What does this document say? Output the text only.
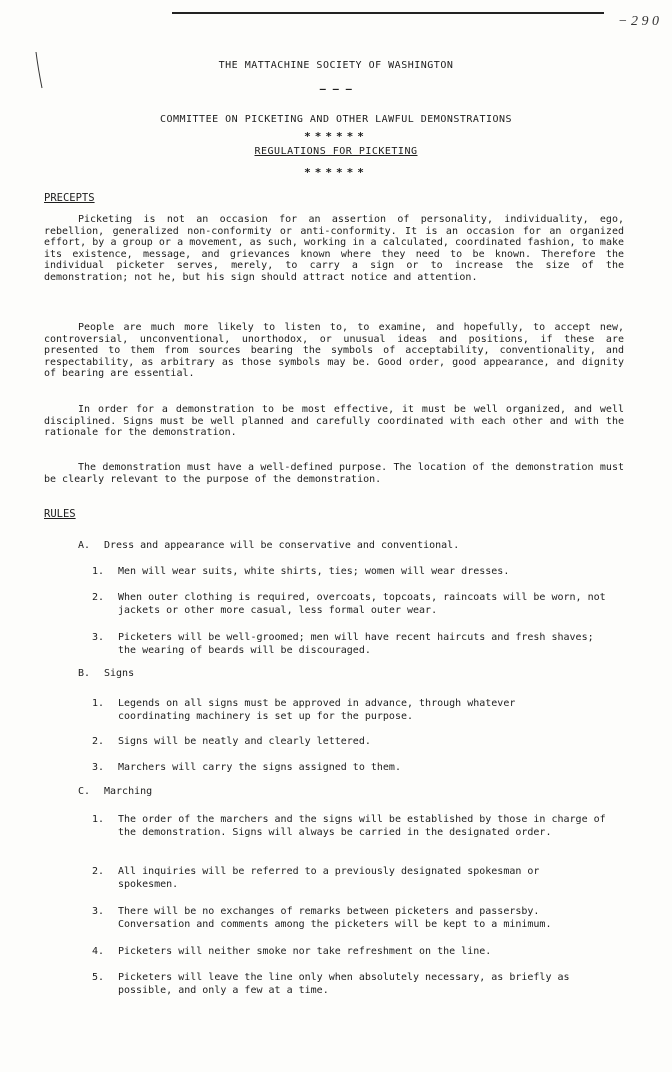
− 2 9 0
THE MATTACHINE SOCIETY OF WASHINGTON
— — —
COMMITTEE ON PICKETING AND OTHER LAWFUL DEMONSTRATIONS
******
REGULATIONS FOR PICKETING
******
PRECEPTS
Picketing is not an occasion for an assertion of personality, individuality, ego, rebellion, generalized non-conformity or anti-conformity. It is an occasion for an organized effort, by a group or a movement, as such, working in a calculated, coordinated fashion, to make its existence, message, and grievances known where they need to be known. Therefore the individual picketer serves, merely, to carry a sign or to increase the size of the demonstration; not he, but his sign should attract notice and attention.
People are much more likely to listen to, to examine, and hopefully, to accept new, controversial, unconventional, unorthodox, or unusual ideas and positions, if these are presented to them from sources bearing the symbols of acceptability, conventionality, and respectability, as arbitrary as those symbols may be. Good order, good appearance, and dignity of bearing are essential.
In order for a demonstration to be most effective, it must be well organized, and well disciplined. Signs must be well planned and carefully coordinated with each other and with the rationale for the demonstration.
The demonstration must have a well-defined purpose. The location of the demonstration must be clearly relevant to the purpose of the demonstration.
RULES
A. Dress and appearance will be conservative and conventional.
1. Men will wear suits, white shirts, ties; women will wear dresses.
2. When outer clothing is required, overcoats, topcoats, raincoats will be worn, not jackets or other more casual, less formal outer wear.
3. Picketers will be well-groomed; men will have recent haircuts and fresh shaves; the wearing of beards will be discouraged.
B. Signs
1. Legends on all signs must be approved in advance, through whatever coordinating machinery is set up for the purpose.
2. Signs will be neatly and clearly lettered.
3. Marchers will carry the signs assigned to them.
C. Marching
1. The order of the marchers and the signs will be established by those in charge of the demonstration. Signs will always be carried in the designated order.
2. All inquiries will be referred to a previously designated spokesman or spokesmen.
3. There will be no exchanges of remarks between picketers and passersby. Conversation and comments among the picketers will be kept to a minimum.
4. Picketers will neither smoke nor take refreshment on the line.
5. Picketers will leave the line only when absolutely necessary, as briefly as possible, and only a few at a time.
